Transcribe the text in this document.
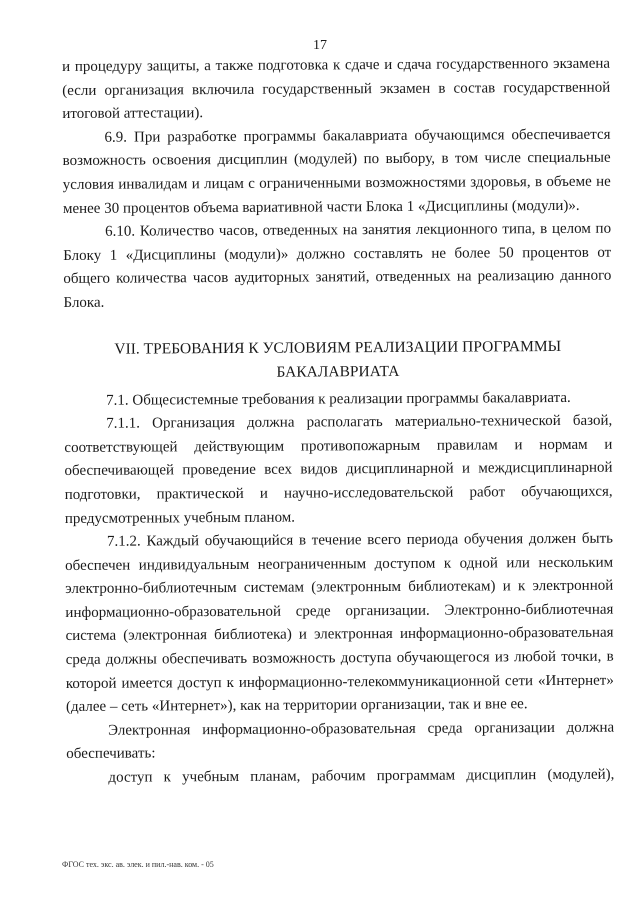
17

и процедуру защиты, а также подготовка к сдаче и сдача государственного экзамена (если организация включила государственный экзамен в состав государственной итоговой аттестации).

6.9. При разработке программы бакалавриата обучающимся обеспечивается возможность освоения дисциплин (модулей) по выбору, в том числе специальные условия инвалидам и лицам с ограниченными возможностями здоровья, в объеме не менее 30 процентов объема вариативной части Блока 1 «Дисциплины (модули)».

6.10. Количество часов, отведенных на занятия лекционного типа, в целом по Блоку 1 «Дисциплины (модули)» должно составлять не более 50 процентов от общего количества часов аудиторных занятий, отведенных на реализацию данного Блока.

VII. ТРЕБОВАНИЯ К УСЛОВИЯМ РЕАЛИЗАЦИИ ПРОГРАММЫ
БАКАЛАВРИАТА

7.1. Общесистемные требования к реализации программы бакалавриата.

7.1.1. Организация должна располагать материально-технической базой, соответствующей действующим противопожарным правилам и нормам и обеспечивающей проведение всех видов дисциплинарной и междисциплинарной подготовки, практической и научно-исследовательской работ обучающихся, предусмотренных учебным планом.

7.1.2. Каждый обучающийся в течение всего периода обучения должен быть обеспечен индивидуальным неограниченным доступом к одной или нескольким электронно-библиотечным системам (электронным библиотекам) и к электронной информационно-образовательной среде организации. Электронно-библиотечная система (электронная библиотека) и электронная информационно-образовательная среда должны обеспечивать возможность доступа обучающегося из любой точки, в которой имеется доступ к информационно-телекоммуникационной сети «Интернет» (далее – сеть «Интернет»), как на территории организации, так и вне ее.

Электронная информационно-образовательная среда организации должна обеспечивать:

доступ к учебным планам, рабочим программам дисциплин (модулей),

ФГОС тех. экс. ав. элек. и пил.-нав. ком. - 05
